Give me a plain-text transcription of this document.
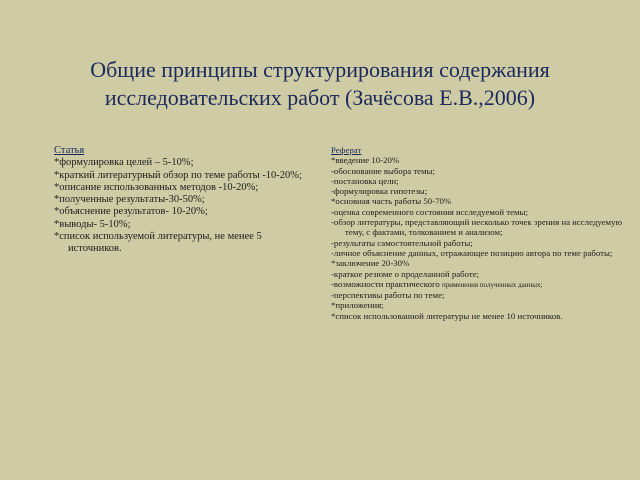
Общие принципы структурирования содержания исследовательских работ (Зачёсова Е.В.,2006)
Статья
*формулировка целей – 5-10%;
*краткий литературный обзор по теме работы -10-20%;
*описание использованных методов -10-20%;
*полученные результаты-30-50%;
*объяснение результатов- 10-20%;
*выводы- 5-10%;
*список используемой литературы, не менее 5 источников.
Реферат
*введение 10-20%
-обоснование выбора темы;
-постановка цели;
-формулировка гипотезы;
*основная часть работы 50-70%
-оценка современного состояния исследуемой темы;
-обзор литературы, представляющий несколько точек зрения на исследуемую тему, с фактами, толкованием и анализом;
-результаты самостоятельной работы;
-личное объяснение данных, отражающее позицию автора по теме работы;
*заключение 20-30%
-краткое резюме о проделанной работе;
-возможности практического применения полученных данных;
-перспективы работы по теме;
*приложения;
*список использованной литературы не менее 10 источников.
